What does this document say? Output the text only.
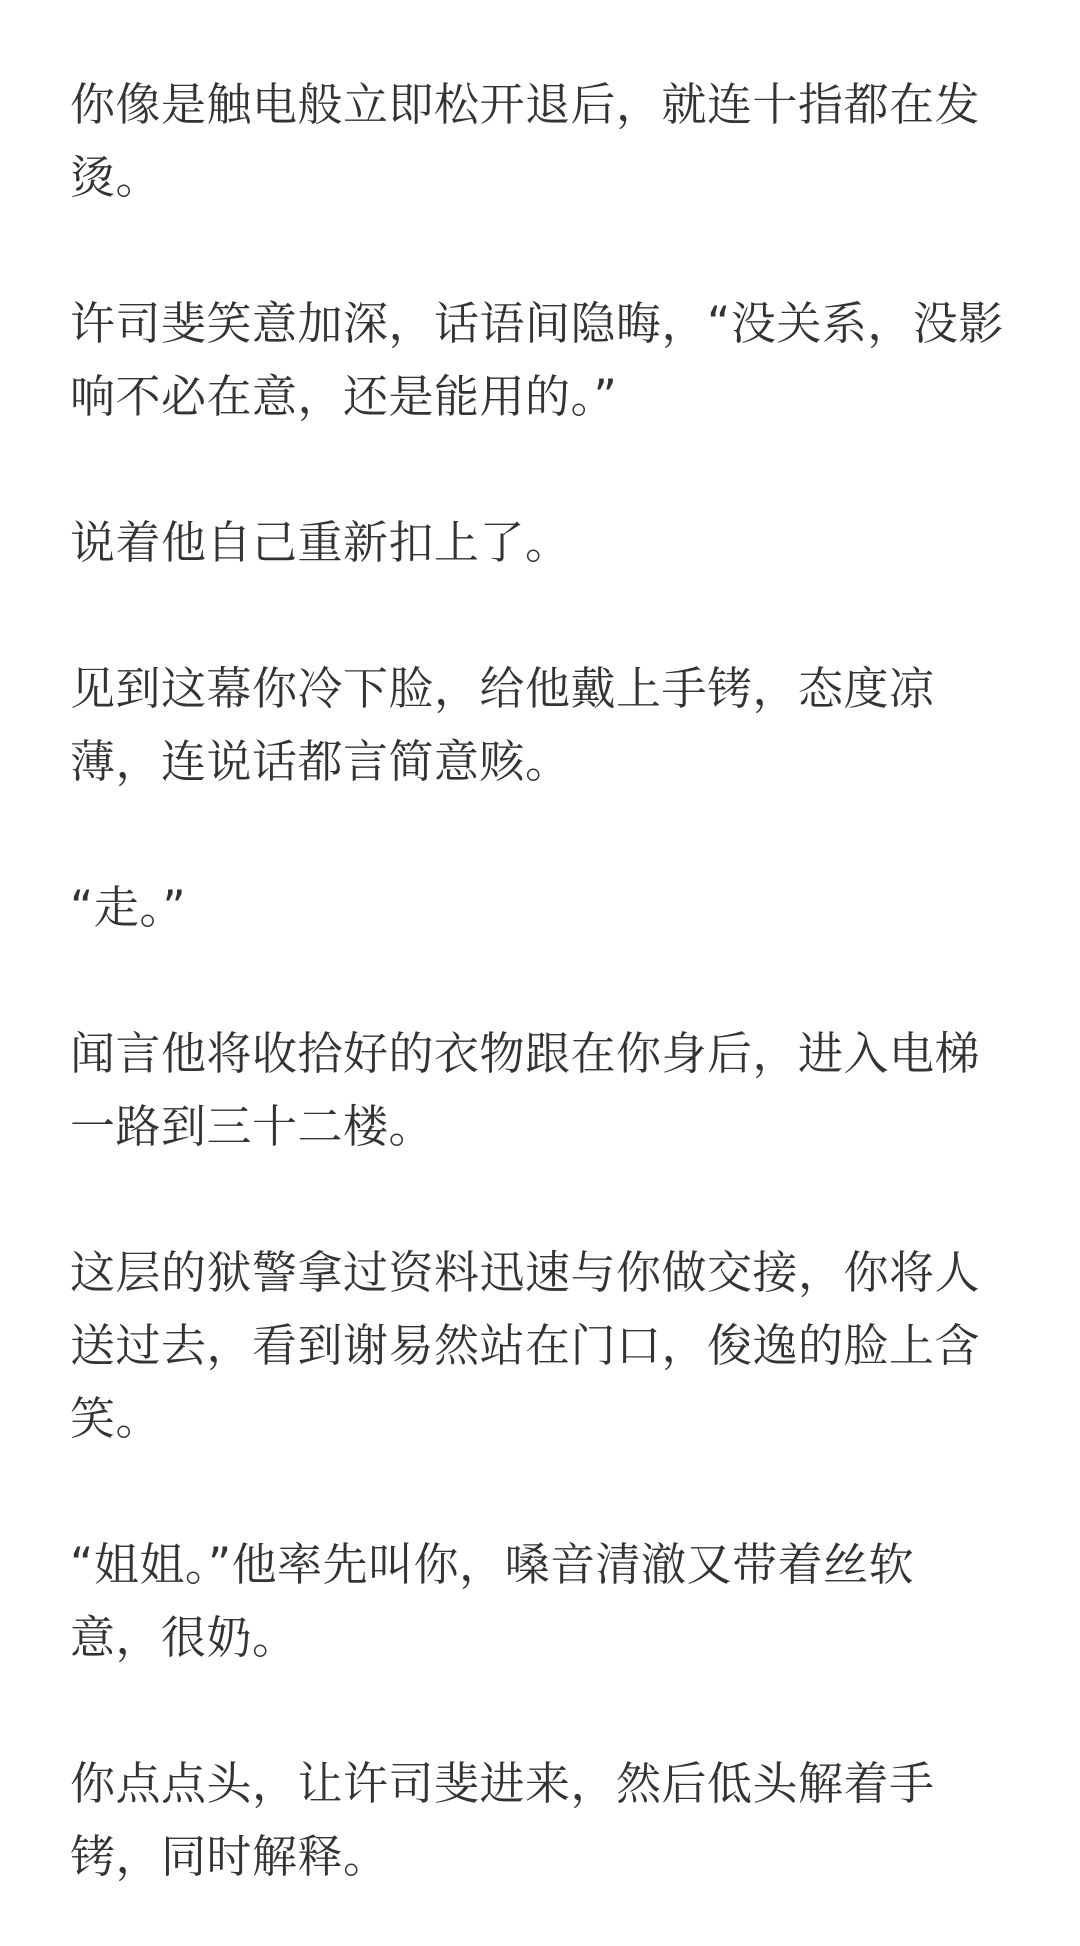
你像是触电般立即松开退后，就连十指都在发
烫。

许司斐笑意加深，话语间隐晦，“没关系，没影
响不必在意，还是能用的。”

说着他自己重新扣上了。

见到这幕你冷下脸，给他戴上手铐，态度凉
薄，连说话都言简意赅。

“走。”

闻言他将收拾好的衣物跟在你身后，进入电梯
一路到三十二楼。

这层的狱警拿过资料迅速与你做交接，你将人
送过去，看到谢易然站在门口，俊逸的脸上含
笑。

“姐姐。”他率先叫你，嗓音清澈又带着丝软
意，很奶。

你点点头，让许司斐进来，然后低头解着手
铐，同时解释。
